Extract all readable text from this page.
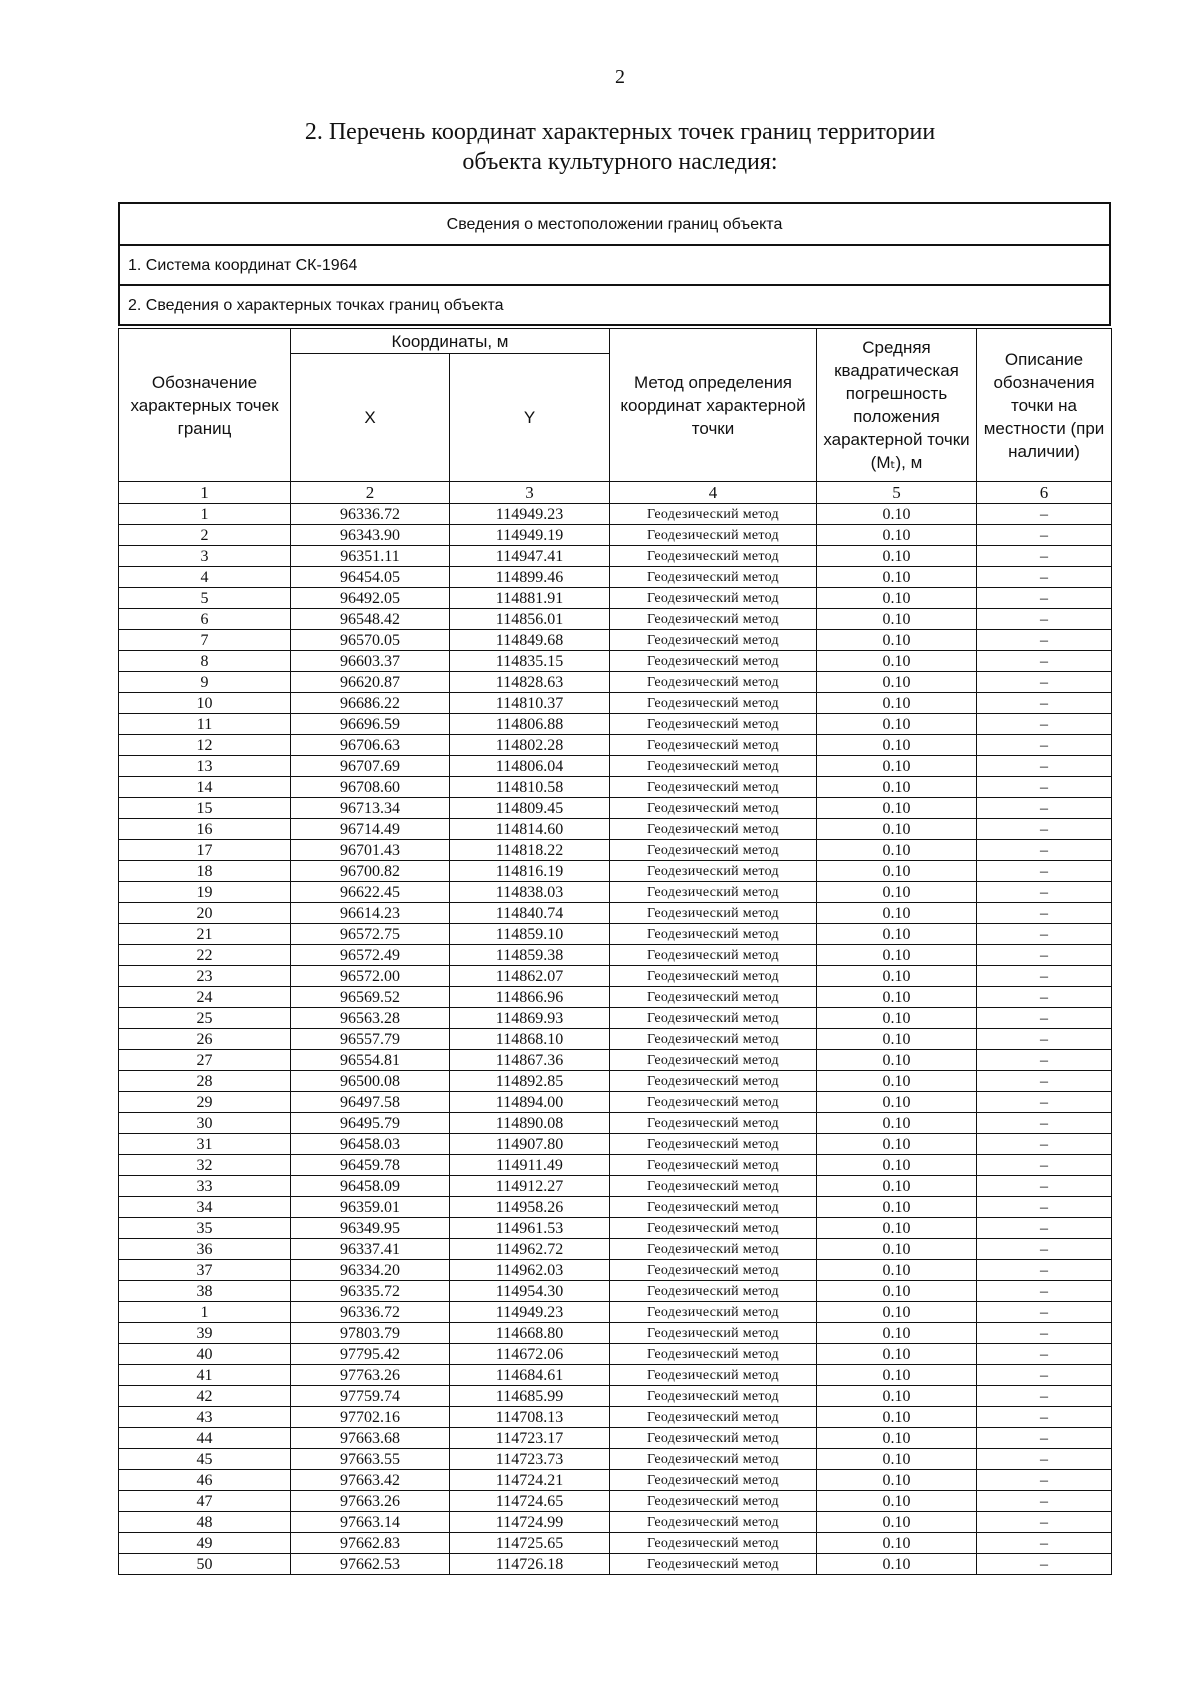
2
2. Перечень координат характерных точек границ территории
объекта культурного наследия:
Сведения о местоположении границ объекта
1. Система координат СК-1964
2. Сведения о характерных точках границ объекта
Обозначение характерных точек границ	Координаты, м		Метод определения координат характерной точки	Средняя квадратическая погрешность положения характерной точки (Mₜ), м	Описание обозначения точки на местности (при наличии)
	X	Y			
1	2	3	4	5	6
1	96336.72	114949.23	Геодезический метод	0.10	–
2	96343.90	114949.19	Геодезический метод	0.10	–
3	96351.11	114947.41	Геодезический метод	0.10	–
4	96454.05	114899.46	Геодезический метод	0.10	–
5	96492.05	114881.91	Геодезический метод	0.10	–
6	96548.42	114856.01	Геодезический метод	0.10	–
7	96570.05	114849.68	Геодезический метод	0.10	–
8	96603.37	114835.15	Геодезический метод	0.10	–
9	96620.87	114828.63	Геодезический метод	0.10	–
10	96686.22	114810.37	Геодезический метод	0.10	–
11	96696.59	114806.88	Геодезический метод	0.10	–
12	96706.63	114802.28	Геодезический метод	0.10	–
13	96707.69	114806.04	Геодезический метод	0.10	–
14	96708.60	114810.58	Геодезический метод	0.10	–
15	96713.34	114809.45	Геодезический метод	0.10	–
16	96714.49	114814.60	Геодезический метод	0.10	–
17	96701.43	114818.22	Геодезический метод	0.10	–
18	96700.82	114816.19	Геодезический метод	0.10	–
19	96622.45	114838.03	Геодезический метод	0.10	–
20	96614.23	114840.74	Геодезический метод	0.10	–
21	96572.75	114859.10	Геодезический метод	0.10	–
22	96572.49	114859.38	Геодезический метод	0.10	–
23	96572.00	114862.07	Геодезический метод	0.10	–
24	96569.52	114866.96	Геодезический метод	0.10	–
25	96563.28	114869.93	Геодезический метод	0.10	–
26	96557.79	114868.10	Геодезический метод	0.10	–
27	96554.81	114867.36	Геодезический метод	0.10	–
28	96500.08	114892.85	Геодезический метод	0.10	–
29	96497.58	114894.00	Геодезический метод	0.10	–
30	96495.79	114890.08	Геодезический метод	0.10	–
31	96458.03	114907.80	Геодезический метод	0.10	–
32	96459.78	114911.49	Геодезический метод	0.10	–
33	96458.09	114912.27	Геодезический метод	0.10	–
34	96359.01	114958.26	Геодезический метод	0.10	–
35	96349.95	114961.53	Геодезический метод	0.10	–
36	96337.41	114962.72	Геодезический метод	0.10	–
37	96334.20	114962.03	Геодезический метод	0.10	–
38	96335.72	114954.30	Геодезический метод	0.10	–
1	96336.72	114949.23	Геодезический метод	0.10	–
39	97803.79	114668.80	Геодезический метод	0.10	–
40	97795.42	114672.06	Геодезический метод	0.10	–
41	97763.26	114684.61	Геодезический метод	0.10	–
42	97759.74	114685.99	Геодезический метод	0.10	–
43	97702.16	114708.13	Геодезический метод	0.10	–
44	97663.68	114723.17	Геодезический метод	0.10	–
45	97663.55	114723.73	Геодезический метод	0.10	–
46	97663.42	114724.21	Геодезический метод	0.10	–
47	97663.26	114724.65	Геодезический метод	0.10	–
48	97663.14	114724.99	Геодезический метод	0.10	–
49	97662.83	114725.65	Геодезический метод	0.10	–
50	97662.53	114726.18	Геодезический метод	0.10	–
